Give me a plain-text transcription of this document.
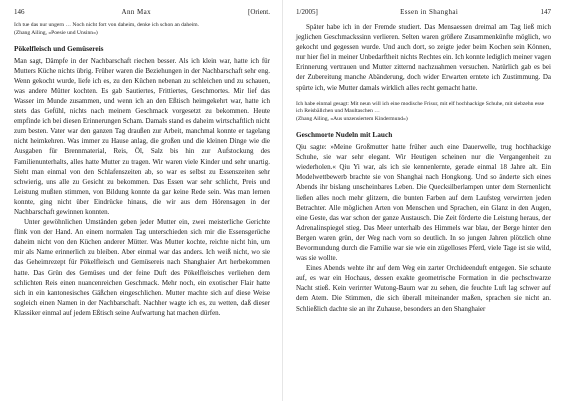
146	Ann Max	[Orient.

Ich tue das nur ungern … Noch nicht fort von daheim, denke ich schon an daheim.

(Zhang Ailing, »Poesie und Unsinn«)

Pökelfleisch und Gemüsereis

Man sagt, Dämpfe in der Nachbarschaft riechen besser. Als ich klein war, hatte ich für Mutters Küche nichts übrig. Früher waren die Beziehungen in der Nachbarschaft sehr eng. Wenn gekocht wurde, liefe ich es, zu den Küchen nebenan zu schleichen und zu schauen, was andere Mütter kochten. Es gab Sautiertes, Frittiertes, Geschmortes. Mir lief das Wasser im Munde zusammen, und wenn ich an den Eßtisch heimgekehrt war, hatte ich stets das Gefühl, nichts nach meinem Geschmack vorgesetzt zu bekommen. Heute empfinde ich bei diesen Erinnerungen Scham. Damals stand es daheim wirtschaftlich nicht zum besten. Vater war den ganzen Tag draußen zur Arbeit, manchmal konnte er tagelang nicht heimkehren. Was immer zu Hause anlag, die großen und die kleinen Dinge wie die Ausgaben für Brennmaterial, Reis, Öl, Salz bis hin zur Aufstockung des Familienunterhalts, alles hatte Mutter zu tragen. Wir waren viele Kinder und sehr unartig. Sieht man einmal von den Schlafenszeiten ab, so war es selbst zu Essenszeiten sehr schwierig, uns alle zu Gesicht zu bekommen. Das Essen war sehr schlicht, Preis und Leistung mußten stimmen, von Bildung konnte da gar keine Rede sein. Was man lernen konnte, ging nicht über Eindrücke hinaus, die wir aus dem Hörensagen in der Nachbarschaft gewinnen konnten.

Unter gewöhnlichen Umständen geben jeder Mutter ein, zwei meisterliche Gerichte flink von der Hand. An einem normalen Tag unterschieden sich mir die Essensgerüche daheim nicht von den Küchen anderer Mütter. Was Mutter kochte, reichte nicht hin, um mir als Name erinnerlich zu bleiben. Aber einmal war das anders. Ich weiß nicht, wo sie das Geheimrezept für Pökelfleisch und Gemüsereis nach Shanghaier Art herbekommen hatte. Das Grün des Gemüses und der feine Duft des Pökelfleisches verliehen dem schlichten Reis einen nuancenreichen Geschmack. Mehr noch, ein exotischer Flair hatte sich in ein kantonesisches Gäßchen eingeschlichen. Mutter machte sich auf diese Weise sogleich einen Namen in der Nachbarschaft. Nachher wagte ich es, zu wetten, daß dieser Klassiker einmal auf jedem Eßtisch seine Aufwartung hat machen dürfen.

1/2005]	Essen in Shanghai	147

Später habe ich in der Fremde studiert. Das Mensaessen dreimal am Tag ließ mich jeglichen Geschmackssinn verlieren. Selten waren größere Zusammenkünfte möglich, wo gekocht und gegessen wurde. Und auch dort, so zeigte jeder beim Kochen sein Können, nur hier fiel in meiner Unbedarftheit nichts Rechtes ein. Ich konnte lediglich meiner vagen Erinnerung vertrauen und Mutter zitternd nachzuahmen versuchen. Natürlich gab es bei der Zubereitung manche Abänderung, doch wider Erwarten erntete ich Zustimmung. Da spürte ich, wie Mutter damals wirklich alles recht gemacht hatte.

Ich habe einmal gesagt: Mit neun will ich eine modische Frisur, mit elf hochhackige Schuhe, mit siebzehn esse ich Reisbällchen und Maultaschen …

(Zhang Ailing, »Aus unzensiertem Kindermund«)

Geschmorte Nudeln mit Lauch

Qiu sagte: »Meine Großmutter hatte früher auch eine Dauerwelle, trug hochhackige Schuhe, sie war sehr elegant. Wir Heutigen scheinen nur die Vergangenheit zu wiederholen.« Qiu Yi war, als ich sie kennenlernte, gerade einmal 18 Jahre alt. Ein Modelwettbewerb brachte sie von Shanghai nach Hongkong. Und so änderte sich eines Abends ihr bislang unscheinbares Leben. Die Quecksilberlampen unter dem Sternenlicht ließen alles noch mehr glitzern, die bunten Farben auf dem Laufsteg verwirrten jeden Betrachter. Alle möglichen Arten von Menschen und Sprachen, ein Glanz in den Augen, eine Geste, das war schon der ganze Austausch. Die Zeit förderte die Leistung heraus, der Adrenalinspiegel stieg. Das Meer unterhalb des Himmels war blau, der Berge hinter den Bergen waren grün, der Weg nach vorn so deutlich. In so jungen Jahren plötzlich ohne Bevormundung durch die Familie war sie wie ein zügelloses Pferd, viele Tage ist sie wild, was sie wollte.

Eines Abends wehte ihr auf dem Weg ein zarter Orchideenduft entgegen. Sie schaute auf, es war ein Hochaus, dessen exakte geometrische Formation in die pechschwarze Nacht stieß. Kein verirrter Wutong-Baum war zu sehen, die feuchte Luft lag schwer auf dem Atem. Die Stimmen, die sich überall miteinander maßen, sprachen sie nicht an. Schließlich dachte sie an ihr Zuhause, besonders an den Shanghaier
